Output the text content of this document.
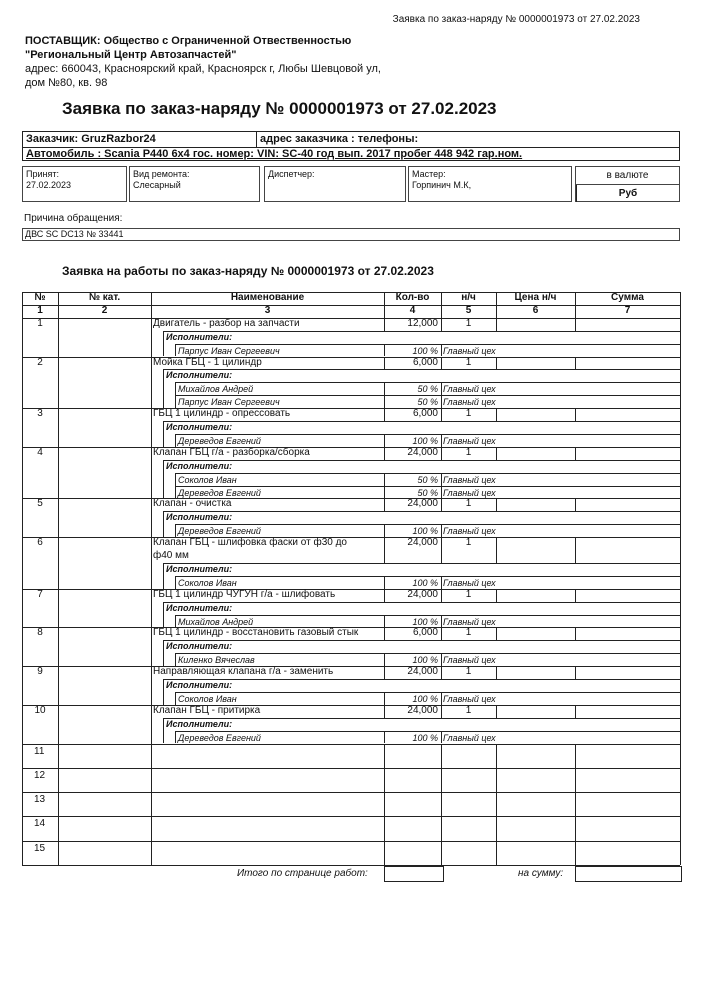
Заявка по заказ-наряду № 0000001973 от 27.02.2023
ПОСТАВЩИК: Общество с Ограниченной Отвественностью
"Региональный Центр Автозапчастей"
адрес: 660043, Красноярский край, Красноярск г, Любы Шевцовой ул,
дом №80, кв. 98
Заявка по заказ-наряду № 0000001973 от 27.02.2023
Заказчик: GruzRazbor24	адрес заказчика : телефоны:
Автомобиль : Scania P440 6x4 гос. номер: VIN: SC-40 год вып. 2017 пробег 448 942 гар.ном.
Принят:
27.02.2023
Вид ремонта:
Слесарный
Диспетчер:	Мастер:
Горпинич М.К,
в валюте
Руб
Причина обращения:
ДВС SC DC13 № 33441
Заявка на работы по заказ-наряду № 0000001973 от 27.02.2023
№	№ кат.	Наименование	Кол-во	н/ч	Цена н/ч	Сумма
1	2	3	4	5	6	7
1	Двигатель - разбор на запчасти	12,000	1
Исполнители:
Парпус Иван Сергеевич	100 % Главный цех
2	Мойка ГБЦ - 1 цилиндр	6,000	1
Исполнители:
Михайлов Андрей	50 % Главный цех
Парпус Иван Сергеевич	50 % Главный цех
3	ГБЦ 1 цилиндр - опрессовать	6,000	1
Исполнители:
Дереведов Евгений	100 % Главный цех
4	Клапан ГБЦ г/а - разборка/сборка	24,000	1
Исполнители:
Соколов Иван	50 % Главный цех
Дереведов Евгений	50 % Главный цех
5	Клапан - очистка	24,000	1
Исполнители:
Дереведов Евгений	100 % Главный цех
6	Клапан ГБЦ - шлифовка фаски от ф30 до	24,000	1
ф40 мм
Исполнители:
Соколов Иван	100 % Главный цех
7	ГБЦ 1 цилиндр ЧУГУН г/а - шлифовать	24,000	1
Исполнители:
Михайлов Андрей	100 % Главный цех
8	ГБЦ 1 цилиндр - восстановить газовый стык	6,000	1
Исполнители:
Киленко Вячеслав	100 % Главный цех
9	Направляющая клапана г/а - заменить	24,000	1
Исполнители:
Соколов Иван	100 % Главный цех
10	Клапан ГБЦ - притирка	24,000	1
Исполнители:
Дереведов Евгений	100 % Главный цех
11
12
13
14
15
Итого по странице работ:	на сумму:
